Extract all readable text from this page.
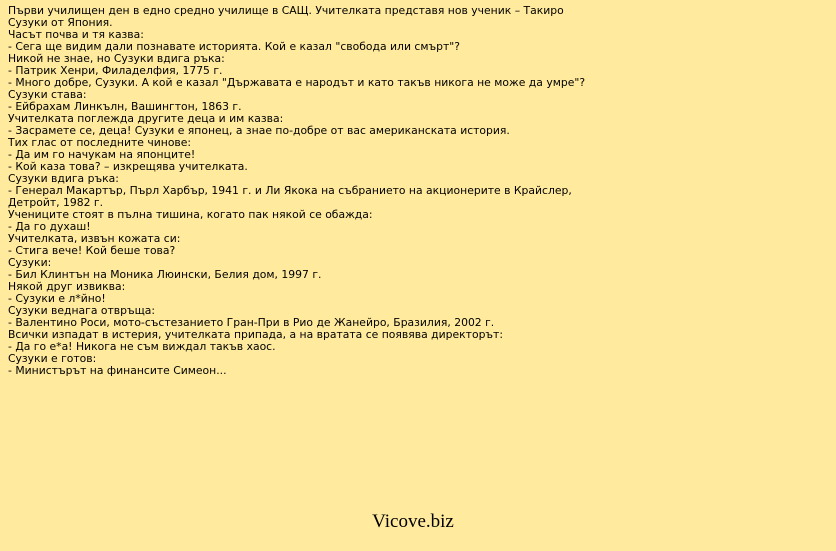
Първи училищен ден в едно средно училище в САЩ. Учителката представя нов ученик – Такиро Сузуки от Япония.
Часът почва и тя казва:
- Сега ще видим дали познавате историята. Кой е казал "свобода или смърт"?
Никой не знае, но Сузуки вдига ръка:
- Патрик Хенри, Филаделфия, 1775 г.
- Много добре, Сузуки. А кой е казал "Държавата е народът и като такъв никога не може да умре"?
Сузуки става:
- Ейбрахам Линкълн, Вашингтон, 1863 г.
Учителката поглежда другите деца и им казва:
- Засрамете се, деца! Сузуки е японец, а знае по-добре от вас американската история.
Тих глас от последните чинове:
- Да им го начукам на японците!
- Кой каза това? – изкрещява учителката.
Сузуки вдига ръка:
- Генерал Макартър, Пърл Харбър, 1941 г. и Ли Якока на събранието на акционерите в Крайслер, Детройт, 1982 г.
Учениците стоят в пълна тишина, когато пак някой се обажда:
- Да го духаш!
Учителката, извън кожата си:
- Стига вече! Кой беше това?
Сузуки:
- Бил Клинтън на Моника Люински, Белия дом, 1997 г.
Някой друг извиква:
- Сузуки е л*йно!
Сузуки веднага отвръща:
- Валентино Роси, мото-състезанието Гран-При в Рио де Жанейро, Бразилия, 2002 г.
Всички изпадат в истерия, учителката припада, а на вратата се появява директорът:
- Да го е*а! Никога не съм виждал такъв хаос.
Сузуки е готов:
- Министърът на финансите Симеон...
Vicove.biz
